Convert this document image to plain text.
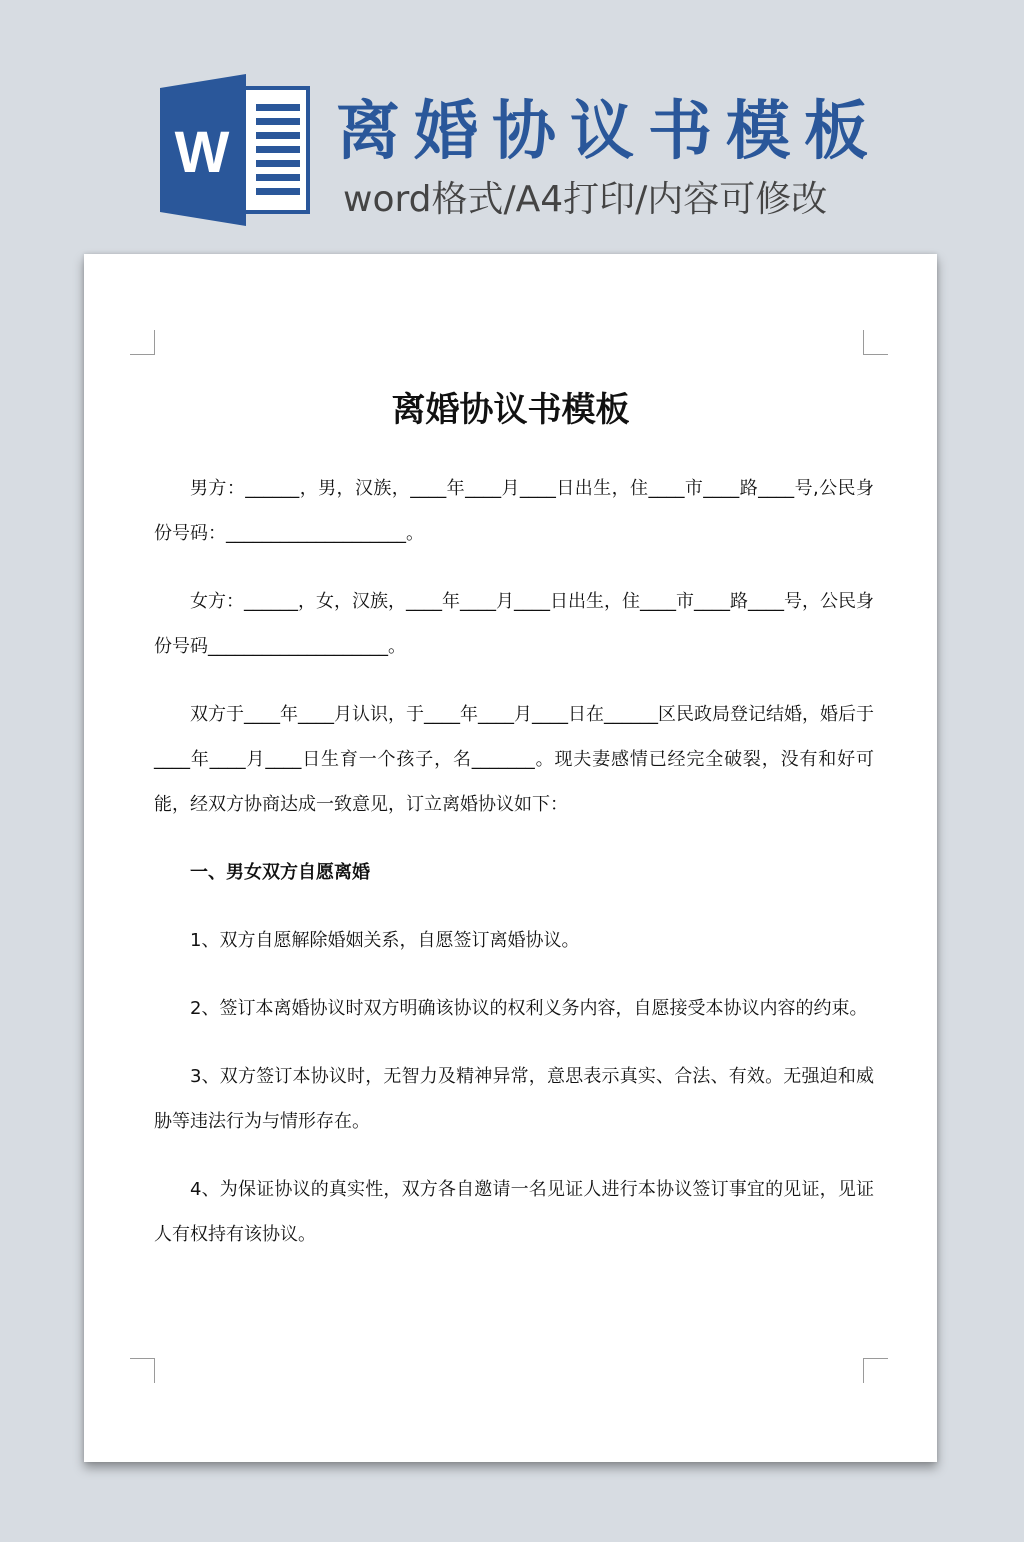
W 离婚协议书模板
word格式/A4打印/内容可修改
离婚协议书模板

男方：______，男，汉族，____年____月____日出生，住____市____路____号,公民身份号码：____________________。

女方：______，女，汉族，____年____月____日出生，住____市____路____号，公民身份号码____________________。

双方于____年____月认识，于____年____月____日在______区民政局登记结婚，婚后于____年____月____日生育一个孩子，名_______。现夫妻感情已经完全破裂，没有和好可能，经双方协商达成一致意见，订立离婚协议如下：

一、男女双方自愿离婚

1、双方自愿解除婚姻关系，自愿签订离婚协议。

2、签订本离婚协议时双方明确该协议的权利义务内容，自愿接受本协议内容的约束。

3、双方签订本协议时，无智力及精神异常，意思表示真实、合法、有效。无强迫和威胁等违法行为与情形存在。

4、为保证协议的真实性，双方各自邀请一名见证人进行本协议签订事宜的见证，见证人有权持有该协议。
